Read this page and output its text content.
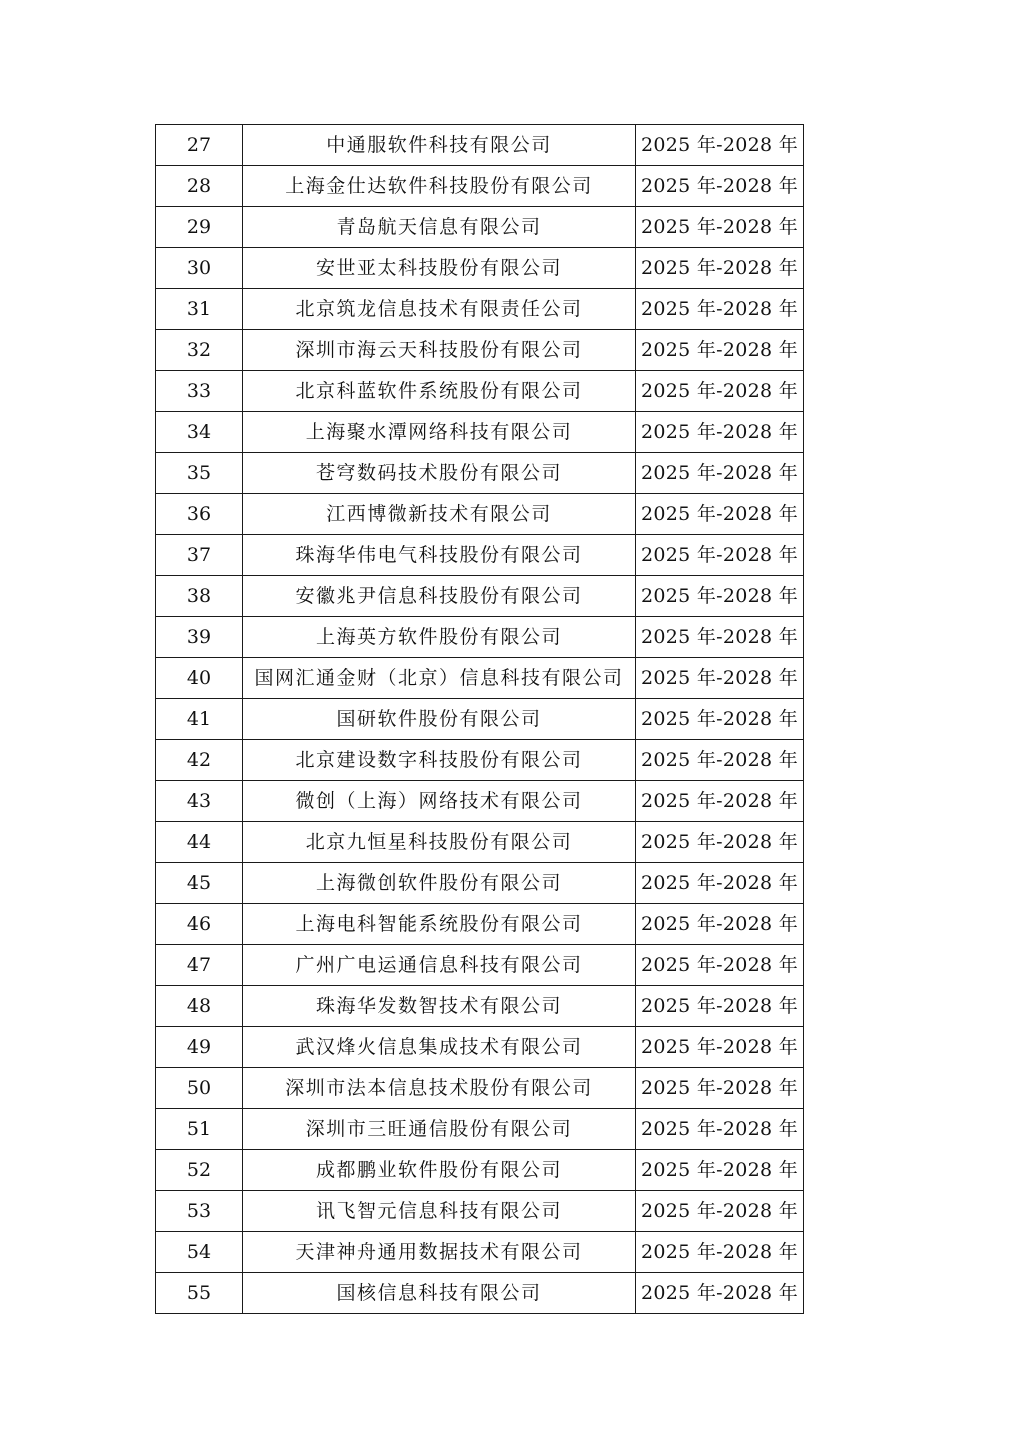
27	中通服软件科技有限公司	2025 年-2028 年
28	上海金仕达软件科技股份有限公司	2025 年-2028 年
29	青岛航天信息有限公司	2025 年-2028 年
30	安世亚太科技股份有限公司	2025 年-2028 年
31	北京筑龙信息技术有限责任公司	2025 年-2028 年
32	深圳市海云天科技股份有限公司	2025 年-2028 年
33	北京科蓝软件系统股份有限公司	2025 年-2028 年
34	上海聚水潭网络科技有限公司	2025 年-2028 年
35	苍穹数码技术股份有限公司	2025 年-2028 年
36	江西博微新技术有限公司	2025 年-2028 年
37	珠海华伟电气科技股份有限公司	2025 年-2028 年
38	安徽兆尹信息科技股份有限公司	2025 年-2028 年
39	上海英方软件股份有限公司	2025 年-2028 年
40	国网汇通金财（北京）信息科技有限公司	2025 年-2028 年
41	国研软件股份有限公司	2025 年-2028 年
42	北京建设数字科技股份有限公司	2025 年-2028 年
43	微创（上海）网络技术有限公司	2025 年-2028 年
44	北京九恒星科技股份有限公司	2025 年-2028 年
45	上海微创软件股份有限公司	2025 年-2028 年
46	上海电科智能系统股份有限公司	2025 年-2028 年
47	广州广电运通信息科技有限公司	2025 年-2028 年
48	珠海华发数智技术有限公司	2025 年-2028 年
49	武汉烽火信息集成技术有限公司	2025 年-2028 年
50	深圳市法本信息技术股份有限公司	2025 年-2028 年
51	深圳市三旺通信股份有限公司	2025 年-2028 年
52	成都鹏业软件股份有限公司	2025 年-2028 年
53	讯飞智元信息科技有限公司	2025 年-2028 年
54	天津神舟通用数据技术有限公司	2025 年-2028 年
55	国核信息科技有限公司	2025 年-2028 年
